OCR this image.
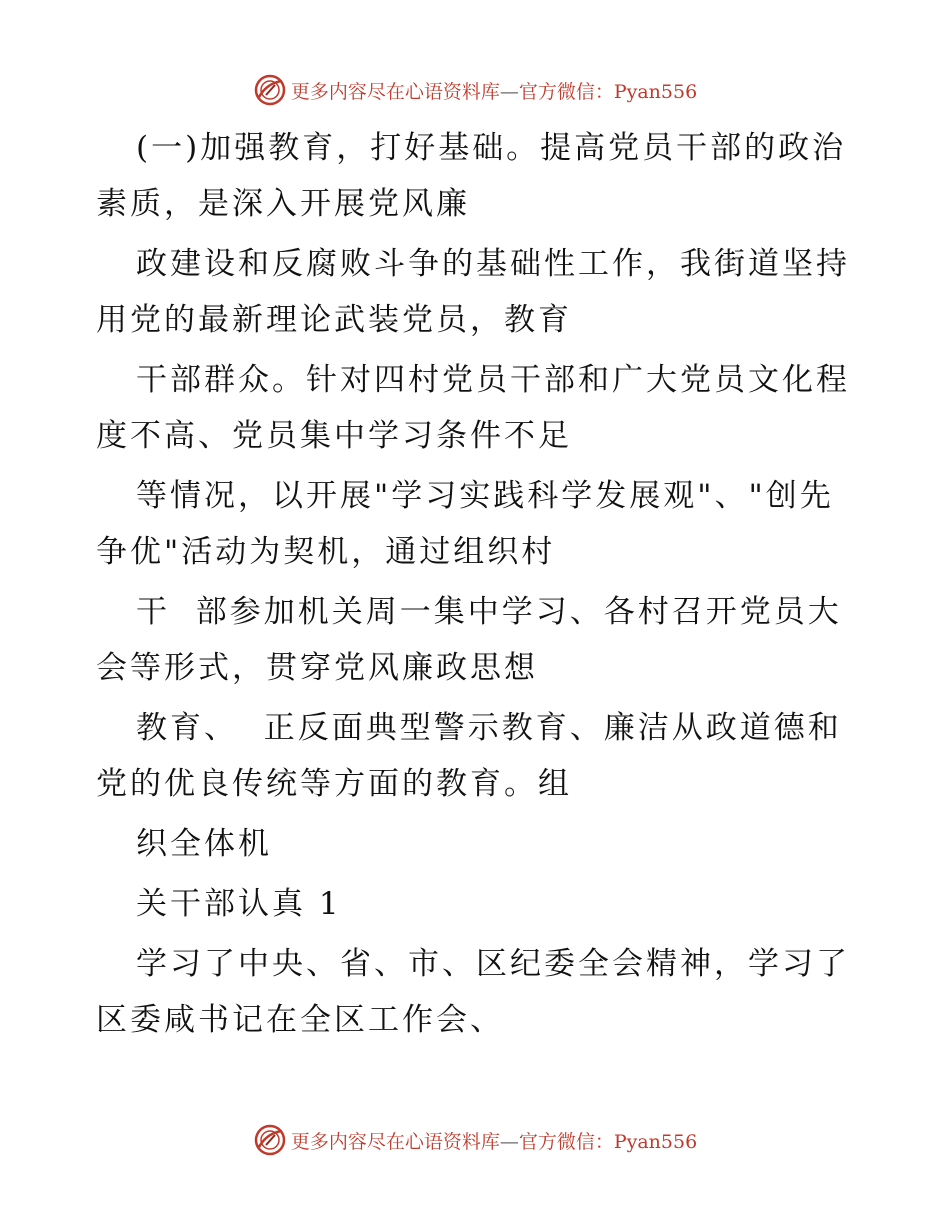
更多内容尽在心语资料库—官方微信：Pyan556
(一)加强教育，打好基础。提高党员干部的政治
素质，是深入开展党风廉
政建设和反腐败斗争的基础性工作，我街道坚持
用党的最新理论武装党员，教育
干部群众。针对四村党员干部和广大党员文化程
度不高、党员集中学习条件不足
等情况，以开展"学习实践科学发展观"、"创先
争优"活动为契机，通过组织村
干  部参加机关周一集中学习、各村召开党员大
会等形式，贯穿党风廉政思想
教育、  正反面典型警示教育、廉洁从政道德和
党的优良传统等方面的教育。组
织全体机
关干部认真 1
学习了中央、省、市、区纪委全会精神，学习了
区委咸书记在全区工作会、
更多内容尽在心语资料库—官方微信：Pyan556
